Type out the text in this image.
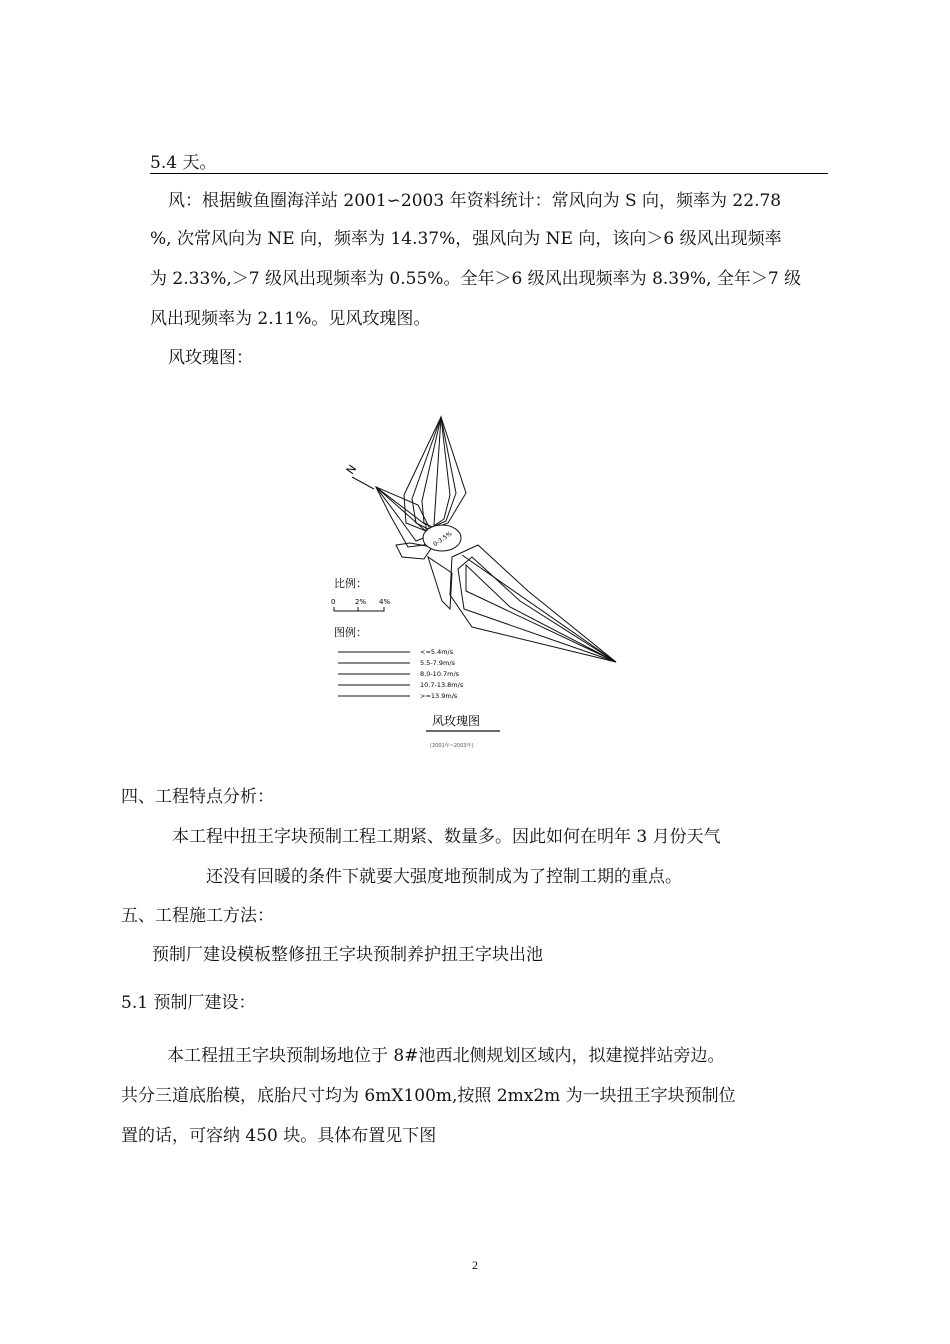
5.4 天。
风：根据鲅鱼圈海洋站 2001∽2003 年资料统计：常风向为 S 向，频率为 22.78
%, 次常风向为 NE 向，频率为 14.37%，强风向为 NE 向，该向＞6 级风出现频率
为 2.33%,＞7 级风出现频率为 0.55%。全年＞6 级风出现频率为 8.39%, 全年＞7 级
风出现频率为 2.11%。见风玫瑰图。
风玫瑰图：
0-3.5%
N
比例：
0	2% 4%
图例：
<=5.4m/s
5.5-7.9m/s
8.0-10.7m/s
10.7-13.8m/s
>=13.9m/s
风玫瑰图
(2001年~2003年)
四、工程特点分析：
本工程中扭王字块预制工程工期紧、数量多。因此如何在明年 3 月份天气
还没有回暖的条件下就要大强度地预制成为了控制工期的重点。
五、工程施工方法：
预制厂建设模板整修扭王字块预制养护扭王字块出池
5.1 预制厂建设：
本工程扭王字块预制场地位于 8#池西北侧规划区域内，拟建搅拌站旁边。
共分三道底胎模，底胎尺寸均为 6mX100m,按照 2mx2m 为一块扭王字块预制位
置的话，可容纳 450 块。具体布置见下图
2
